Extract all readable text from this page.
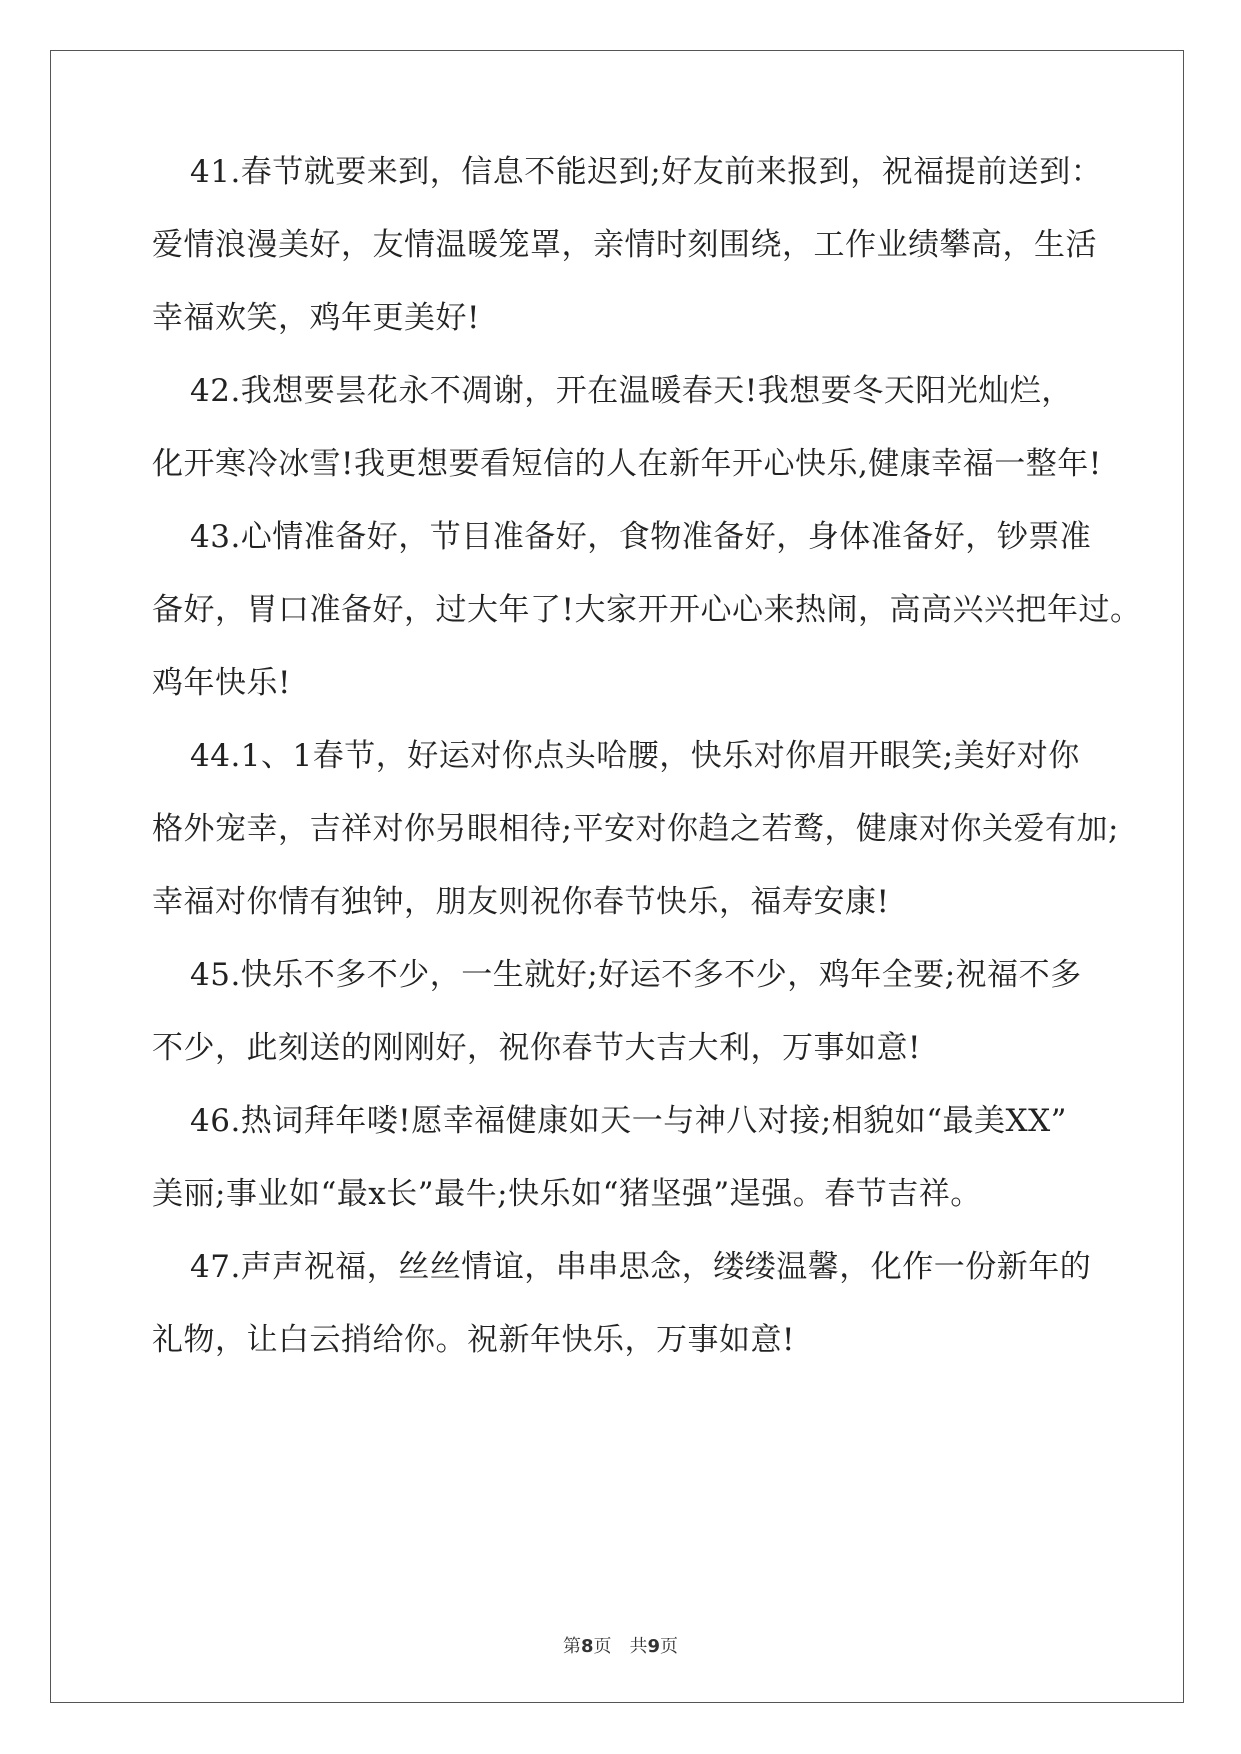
41.春节就要来到，信息不能迟到;好友前来报到，祝福提前送到：

爱情浪漫美好，友情温暖笼罩，亲情时刻围绕，工作业绩攀高，生活

幸福欢笑，鸡年更美好!

42.我想要昙花永不凋谢，开在温暖春天!我想要冬天阳光灿烂，

化开寒冷冰雪!我更想要看短信的人在新年开心快乐,健康幸福一整年!

43.心情准备好，节目准备好，食物准备好，身体准备好，钞票准

备好，胃口准备好，过大年了!大家开开心心来热闹，高高兴兴把年过。

鸡年快乐!

44.1、1春节，好运对你点头哈腰，快乐对你眉开眼笑;美好对你

格外宠幸，吉祥对你另眼相待;平安对你趋之若鹜，健康对你关爱有加;

幸福对你情有独钟，朋友则祝你春节快乐，福寿安康!

45.快乐不多不少，一生就好;好运不多不少，鸡年全要;祝福不多

不少，此刻送的刚刚好，祝你春节大吉大利，万事如意!

46.热词拜年喽!愿幸福健康如天一与神八对接;相貌如“最美XX”

美丽;事业如“最x长”最牛;快乐如“猪坚强”逞强。春节吉祥。

47.声声祝福，丝丝情谊，串串思念，缕缕温馨，化作一份新年的

礼物，让白云捎给你。祝新年快乐，万事如意!

第8页 共9页
